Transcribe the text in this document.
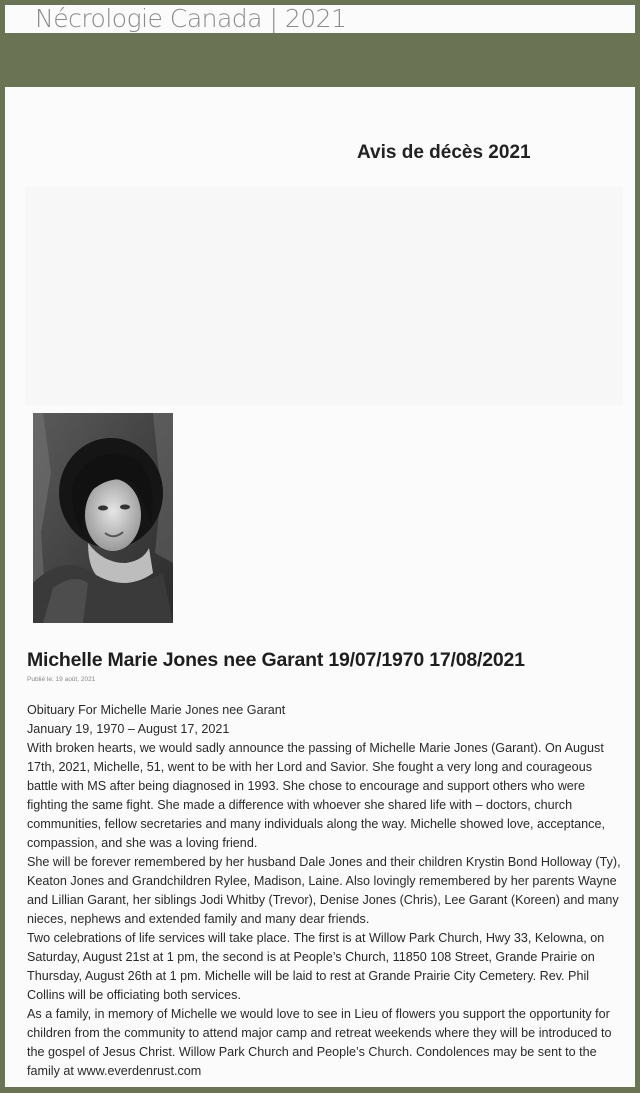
Nécrologie Canada | 2021
Avis de décès 2021
Michelle Marie Jones nee Garant 19/07/1970 17/08/2021
Publié le: 19 août, 2021

Obituary For Michelle Marie Jones nee Garant

January 19, 1970 – August 17, 2021

With broken hearts, we would sadly announce the passing of Michelle Marie Jones (Garant). On August 17th, 2021, Michelle, 51, went to be with her Lord and Savior. She fought a very long and courageous battle with MS after being diagnosed in 1993. She chose to encourage and support others who were fighting the same fight. She made a difference with whoever she shared life with – doctors, church communities, fellow secretaries and many individuals along the way. Michelle showed love, acceptance, compassion, and she was a loving friend.

She will be forever remembered by her husband Dale Jones and their children Krystin Bond Holloway (Ty), Keaton Jones and Grandchildren Rylee, Madison, Laine. Also lovingly remembered by her parents Wayne and Lillian Garant, her siblings Jodi Whitby (Trevor), Denise Jones (Chris), Lee Garant (Koreen) and many nieces, nephews and extended family and many dear friends.

Two celebrations of life services will take place. The first is at Willow Park Church, Hwy 33, Kelowna, on Saturday, August 21st at 1 pm, the second is at People’s Church, 11850 108 Street, Grande Prairie on Thursday, August 26th at 1 pm. Michelle will be laid to rest at Grande Prairie City Cemetery. Rev. Phil Collins will be officiating both services.

As a family, in memory of Michelle we would love to see in Lieu of flowers you support the opportunity for children from the community to attend major camp and retreat weekends where they will be introduced to the gospel of Jesus Christ. Willow Park Church and People’s Church. Condolences may be sent to the family at www.everdenrust.com
